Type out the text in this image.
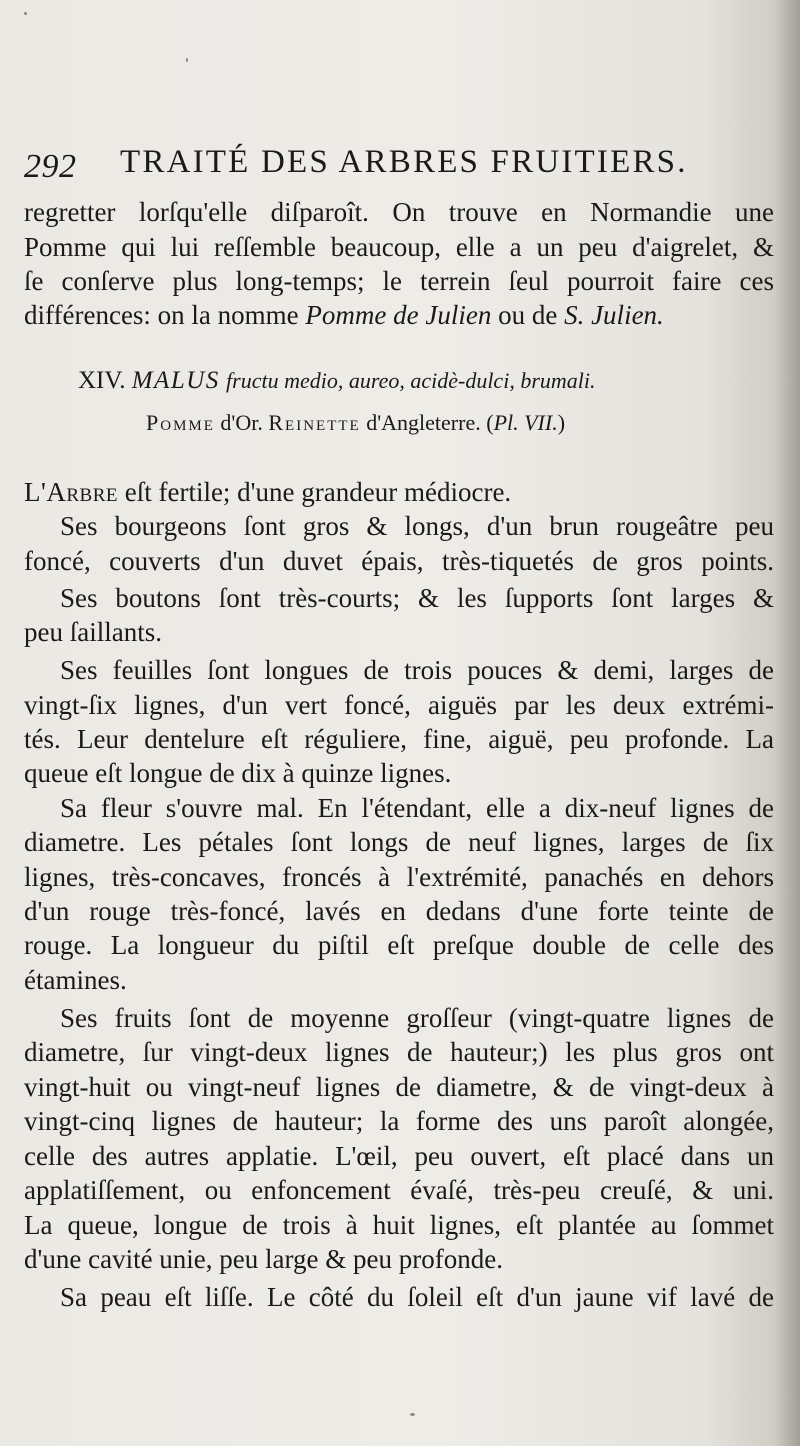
292 TRAITÉ DES ARBRES FRUITIERS.
regretter lorſqu'elle diſparoît. On trouve en Normandie une
Pomme qui lui reſſemble beaucoup, elle a un peu d'aigrelet, &
ſe conſerve plus long-temps; le terrein ſeul pourroit faire ces
différences: on la nomme Pomme de Julien ou de S. Julien.
XIV. MALUS fructu medio, aureo, acidè-dulci, brumali.
Pomme d'Or. Reinette d'Angleterre. (Pl. VII.)
L'Arbre eſt fertile; d'une grandeur médiocre.
Ses bourgeons ſont gros & longs, d'un brun rougeâtre peu
foncé, couverts d'un duvet épais, très-tiquetés de gros points.
Ses boutons ſont très-courts; & les ſupports ſont larges &
peu ſaillants.
Ses feuilles ſont longues de trois pouces & demi, larges de
vingt-ſix lignes, d'un vert foncé, aiguës par les deux extrémi-
tés. Leur dentelure eſt réguliere, fine, aiguë, peu profonde. La
queue eſt longue de dix à quinze lignes.
Sa fleur s'ouvre mal. En l'étendant, elle a dix-neuf lignes de
diametre. Les pétales ſont longs de neuf lignes, larges de ſix
lignes, très-concaves, froncés à l'extrémité, panachés en dehors
d'un rouge très-foncé, lavés en dedans d'une forte teinte de
rouge. La longueur du piſtil eſt preſque double de celle des
étamines.
Ses fruits ſont de moyenne groſſeur (vingt-quatre lignes de
diametre, ſur vingt-deux lignes de hauteur;) les plus gros ont
vingt-huit ou vingt-neuf lignes de diametre, & de vingt-deux à
vingt-cinq lignes de hauteur; la forme des uns paroît alongée,
celle des autres applatie. L'œil, peu ouvert, eſt placé dans un
applatiſſement, ou enfoncement évaſé, très-peu creuſé, & uni.
La queue, longue de trois à huit lignes, eſt plantée au ſommet
d'une cavité unie, peu large & peu profonde.
Sa peau eſt liſſe. Le côté du ſoleil eſt d'un jaune vif lavé de
